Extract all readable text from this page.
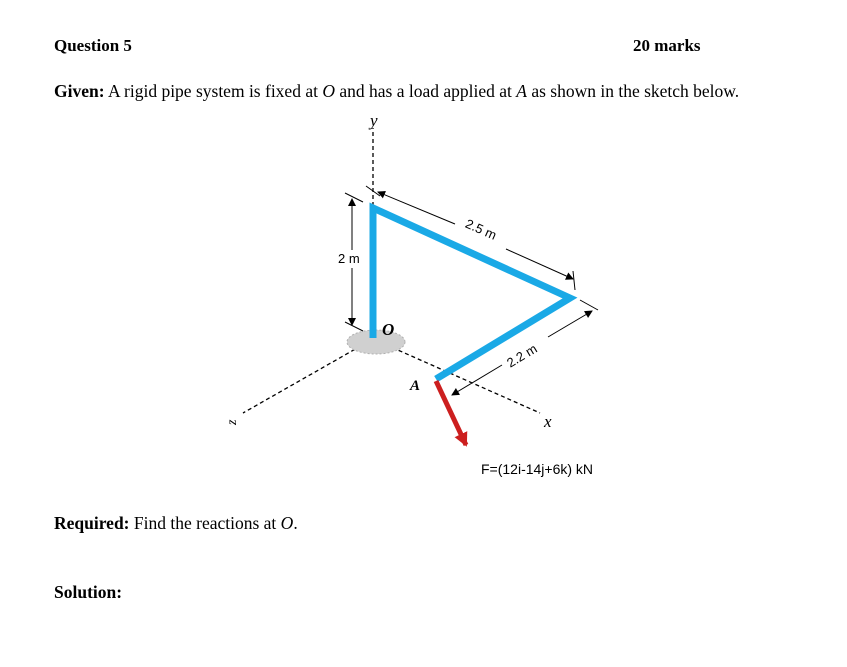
Question 5	20 marks
Given: A rigid pipe system is fixed at O and has a load applied at A as shown in the sketch below.
y
x
z
O
A
2 m
2.5 m
2.2 m
F=(12i-14j+6k) kN
Required: Find the reactions at O.
Solution:
